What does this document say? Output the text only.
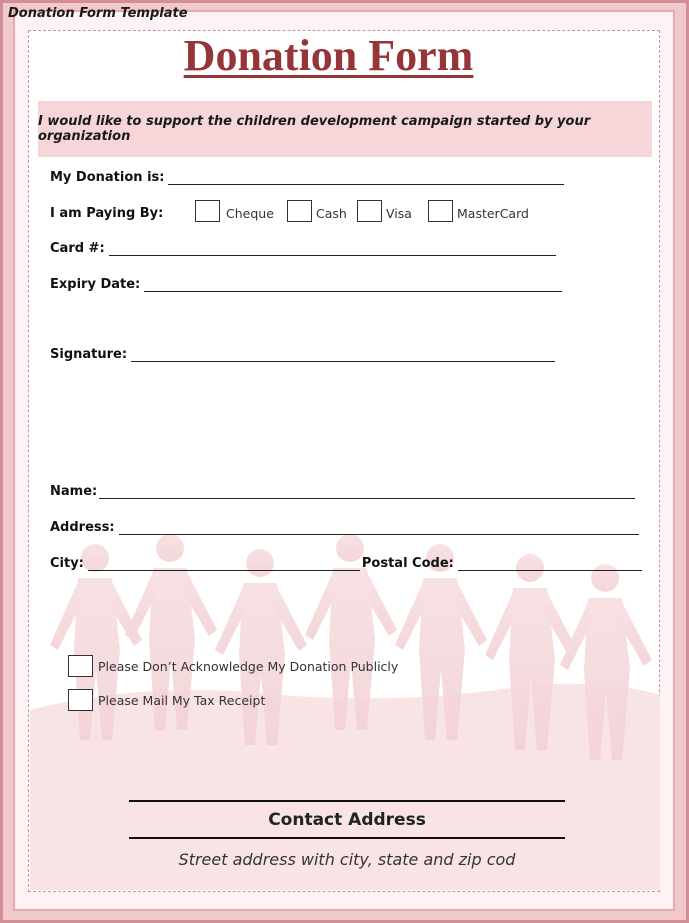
Donation Form Template
Donation Form
I would like to support the children development campaign started by your organization
My Donation is:
I am Paying By:	Cheque	Cash	Visa	MasterCard
Card #:
Expiry Date:
Signature:
Name:
Address:
City:	Postal Code:
Please Don’t Acknowledge My Donation Publicly
Please Mail My Tax Receipt
Contact Address
Street address with city, state and zip cod
